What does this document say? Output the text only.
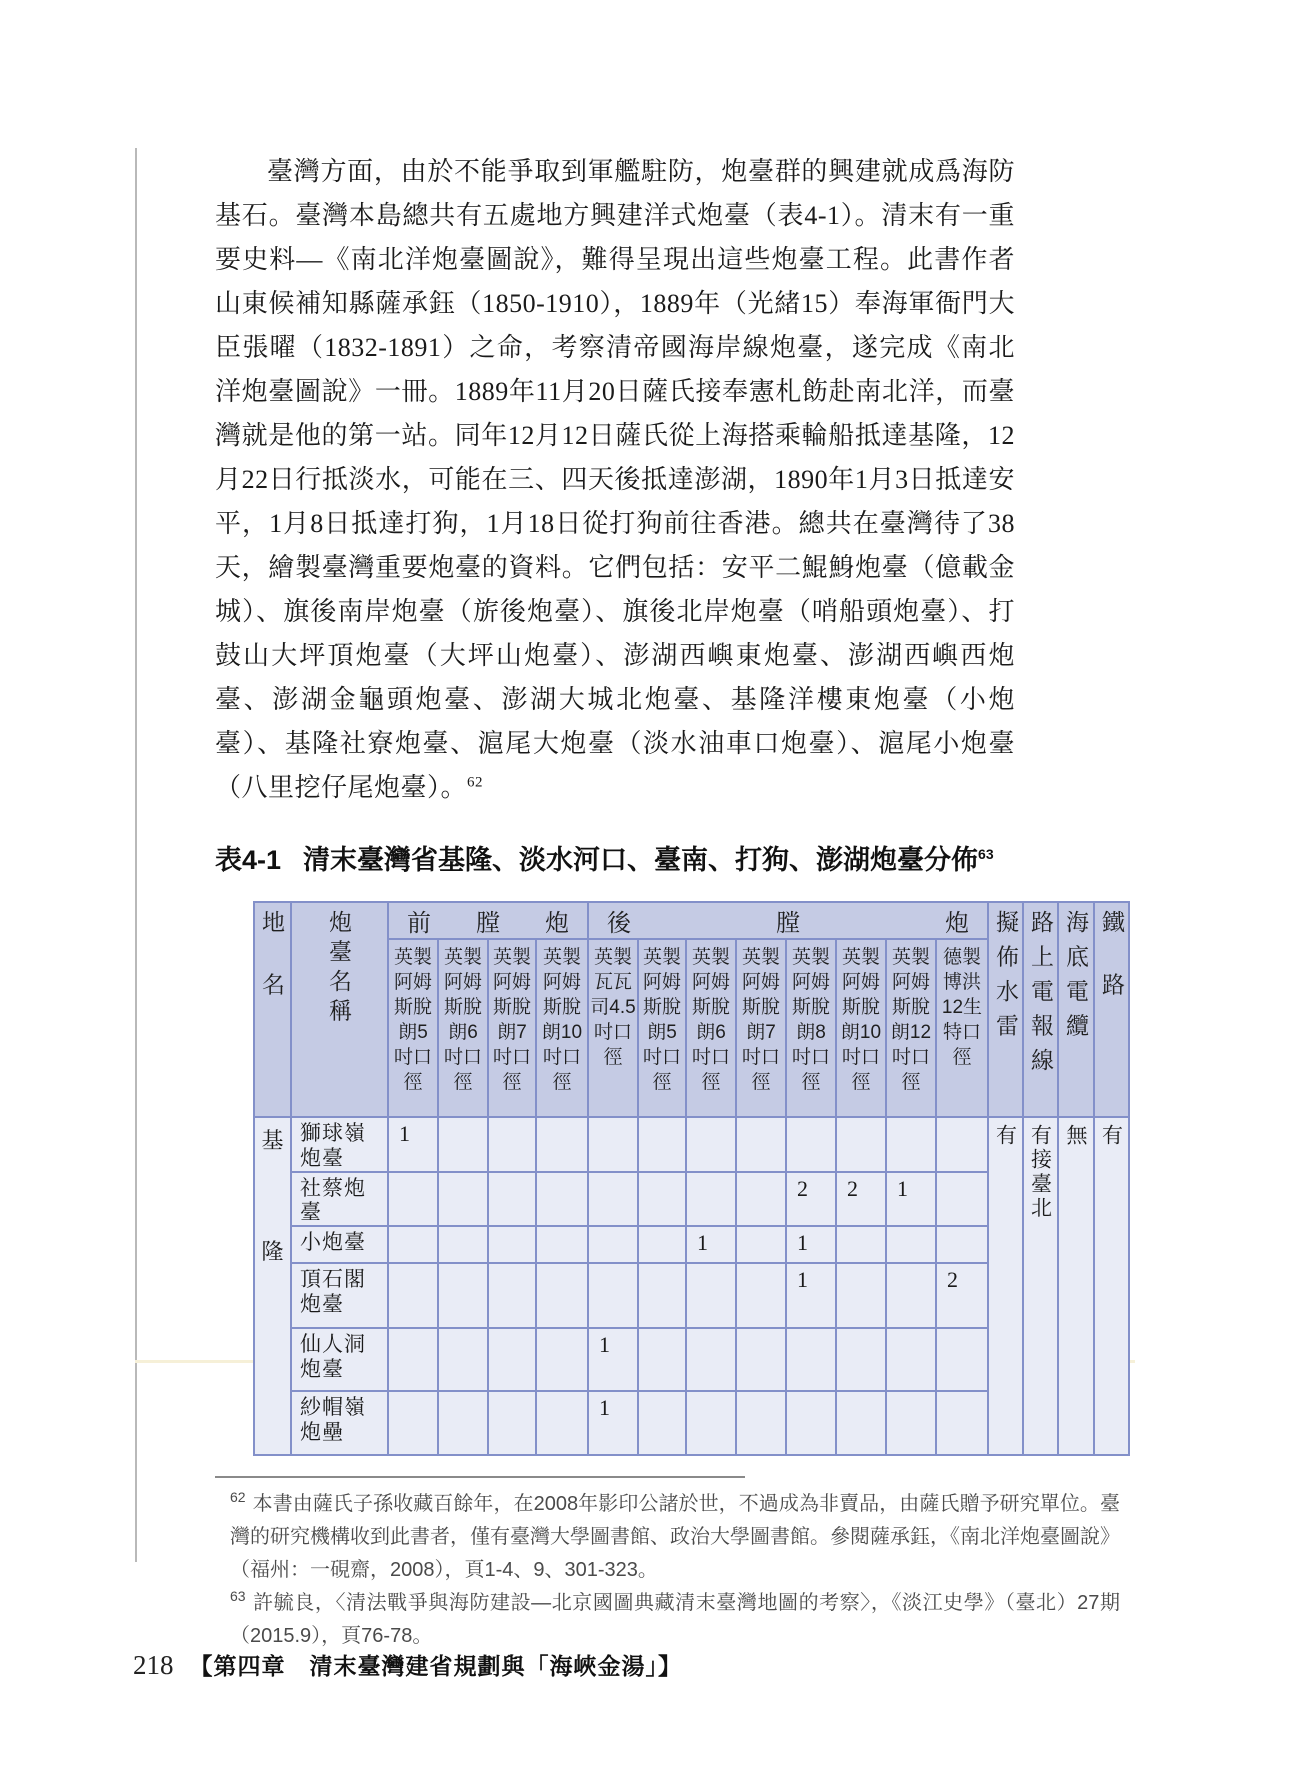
臺灣方面，由於不能爭取到軍艦駐防，炮臺群的興建就成爲海防基石。臺灣本島總共有五處地方興建洋式炮臺（表4-1）。清末有一重要史料—《南北洋炮臺圖說》，難得呈現出這些炮臺工程。此書作者山東候補知縣薩承鈺（1850-1910），1889年（光緒15）奉海軍衙門大臣張曜（1832-1891）之命，考察清帝國海岸線炮臺，遂完成《南北洋炮臺圖說》一冊。1889年11月20日薩氏接奉憲札飭赴南北洋，而臺灣就是他的第一站。同年12月12日薩氏從上海搭乘輪船抵達基隆，12月22日行抵淡水，可能在三、四天後抵達澎湖，1890年1月3日抵達安平，1月8日抵達打狗，1月18日從打狗前往香港。總共在臺灣待了38天，繪製臺灣重要炮臺的資料。它們包括：安平二鯤鯓炮臺（億載金城）、旗後南岸炮臺（旂後炮臺）、旗後北岸炮臺（哨船頭炮臺）、打鼓山大坪頂炮臺（大坪山炮臺）、澎湖西嶼東炮臺、澎湖西嶼西炮臺、澎湖金龜頭炮臺、澎湖大城北炮臺、基隆洋樓東炮臺（小炮臺）、基隆社寮炮臺、滬尾大炮臺（淡水油車口炮臺）、滬尾小炮臺（八里挖仔尾炮臺）。$^{62}$

表4-1 清末臺灣省基隆、淡水河口、臺南、打狗、澎湖炮臺分佈$^{63}$
地名	炮臺名稱	前 膛 炮				後 膛 炮								擬佈水雷	路上電報線	海底電纜	鐵路
		英製阿姆斯脫朗5吋口徑	英製阿姆斯脫朗6吋口徑	英製阿姆斯脫朗7吋口徑	英製阿姆斯脫朗10吋口徑	英製瓦瓦司4.5吋口徑	英製阿姆斯脫朗5吋口徑	英製阿姆斯脫朗6吋口徑	英製阿姆斯脫朗7吋口徑	英製阿姆斯脫朗8吋口徑	英製阿姆斯脫朗10吋口徑	英製阿姆斯脫朗12吋口徑	德製博洪12生特口徑				

基
隆	獅球嶺炮臺	1												有	有接臺北	無	有
	社蔡炮臺									2	2	1					
	小炮臺							1		1							
	頂石閣炮臺									1			2				
	仙人洞炮臺					1											
	紗帽嶺炮壘					1											
$^{62}$ 本書由薩氏子孫收藏百餘年，在2008年影印公諸於世，不過成為非賣品，由薩氏贈予研究單位。臺灣的研究機構收到此書者，僅有臺灣大學圖書館、政治大學圖書館。參閱薩承鈺，《南北洋炮臺圖說》（福州：一硯齋，2008），頁1-4、9、301-323。
$^{63}$ 許毓良，〈清法戰爭與海防建設—北京國圖典藏清末臺灣地圖的考察〉，《淡江史學》（臺北）27期（2015.9），頁76-78。
218 【第四章　清末臺灣建省規劃與「海峽金湯」】
